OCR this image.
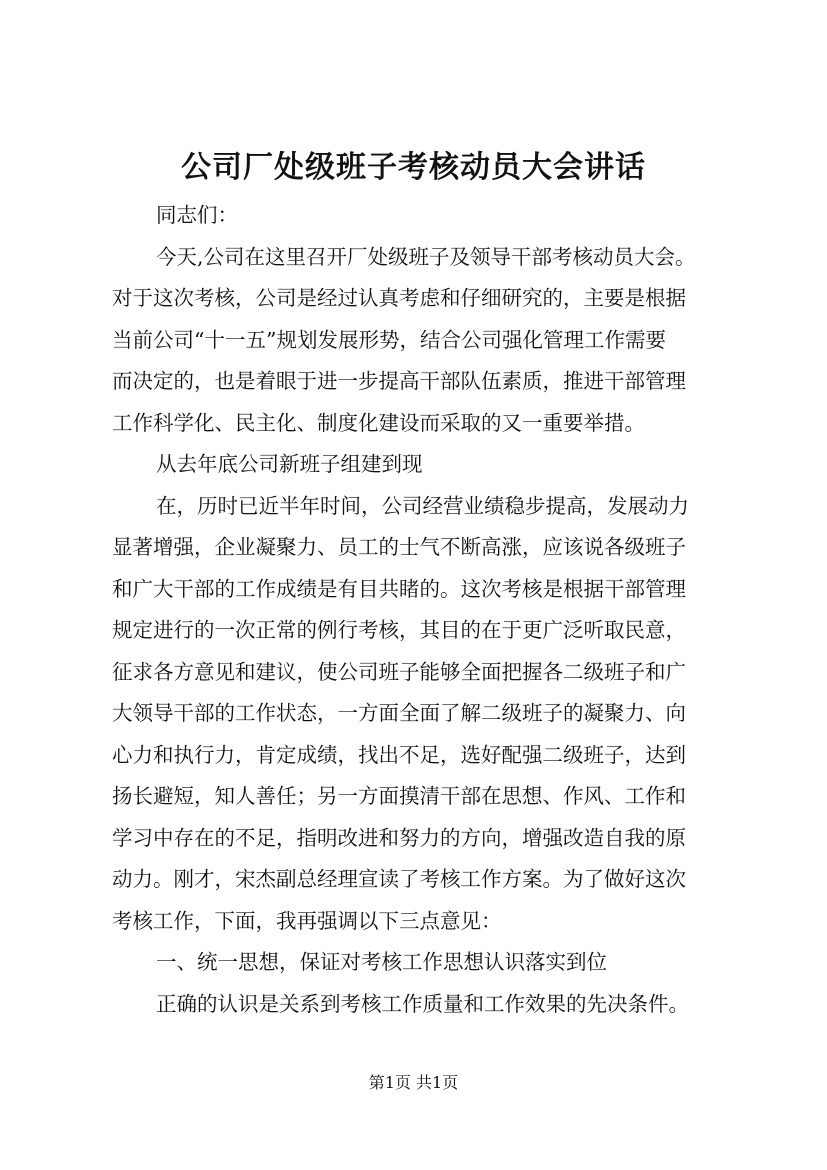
公司厂处级班子考核动员大会讲话
同志们：
今天,公司在这里召开厂处级班子及领导干部考核动员大会。
对于这次考核，公司是经过认真考虑和仔细研究的，主要是根据
当前公司“十一五”规划发展形势，结合公司强化管理工作需要
而决定的，也是着眼于进一步提高干部队伍素质，推进干部管理
工作科学化、民主化、制度化建设而采取的又一重要举措。
从去年底公司新班子组建到现
在，历时已近半年时间，公司经营业绩稳步提高，发展动力
显著增强，企业凝聚力、员工的士气不断高涨，应该说各级班子
和广大干部的工作成绩是有目共睹的。这次考核是根据干部管理
规定进行的一次正常的例行考核，其目的在于更广泛听取民意，
征求各方意见和建议，使公司班子能够全面把握各二级班子和广
大领导干部的工作状态，一方面全面了解二级班子的凝聚力、向
心力和执行力，肯定成绩，找出不足，选好配强二级班子，达到
扬长避短，知人善任；另一方面摸清干部在思想、作风、工作和
学习中存在的不足，指明改进和努力的方向，增强改造自我的原
动力。刚才，宋杰副总经理宣读了考核工作方案。为了做好这次
考核工作，下面，我再强调以下三点意见：
一、统一思想，保证对考核工作思想认识落实到位
正确的认识是关系到考核工作质量和工作效果的先决条件。
第1页 共1页
